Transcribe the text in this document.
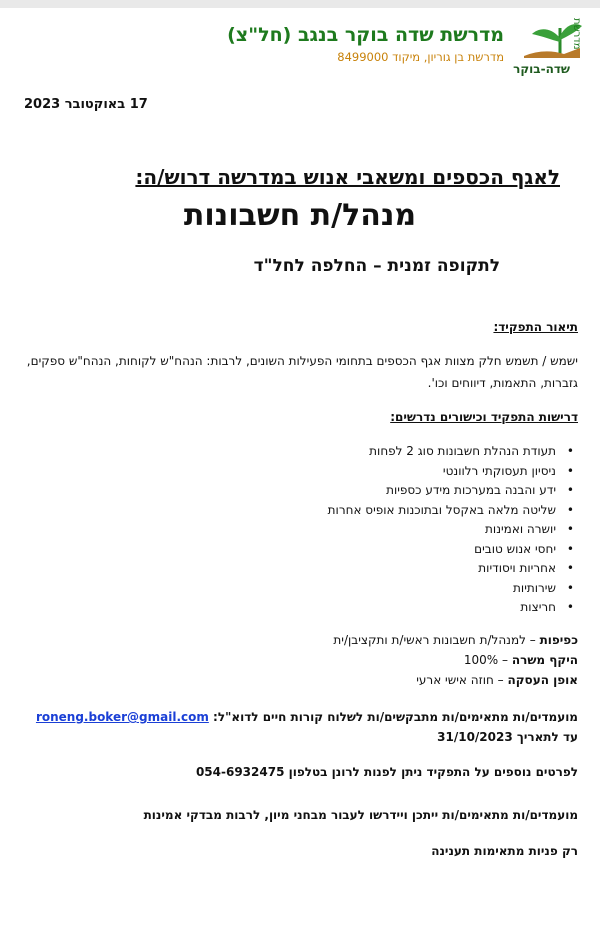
מדרשת
שדה-בוקר
מדרשת שדה בוקר בנגב (חל"צ)
מדרשת בן גוריון, מיקוד 8499000
17 באוקטובר 2023
לאגף הכספים ומשאבי אנוש במדרשה דרוש/ה:
מנהל/ת חשבונות
לתקופה זמנית – החלפה לחל"ד
תיאור התפקיד:
ישמש / תשמש חלק מצוות אגף הכספים בתחומי הפעילות השונים, לרבות: הנהח"ש לקוחות, הנהח"ש ספקים, גזברות, התאמות, דיווחים וכו'.
דרישות התפקיד וכישורים נדרשים:
• תעודת הנהלת חשבונות סוג 2 לפחות
• ניסיון תעסוקתי רלוונטי
• ידע והבנה במערכות מידע כספיות
• שליטה מלאה באקסל ובתוכנות אופיס אחרות
• יושרה ואמינות
• יחסי אנוש טובים
• אחריות ויסודיות
• שירותיות
• חריצות
כפיפות – למנהל/ת חשבונות ראשי/ת ותקציבן/ית
היקף משרה – 100%
אופן העסקה – חוזה אישי ארעי
מועמדים/ות מתאימים/ות מתבקשים/ות לשלוח קורות חיים לדוא"ל: roneng.boker@gmail.com
עד לתאריך 31/10/2023
לפרטים נוספים על התפקיד ניתן לפנות לרונן בטלפון 054-6932475
מועמדים/ות מתאימים/ות ייתכן ויידרשו לעבור מבחני מיון, לרבות מבדקי אמינות
רק פניות מתאימות תענינה
